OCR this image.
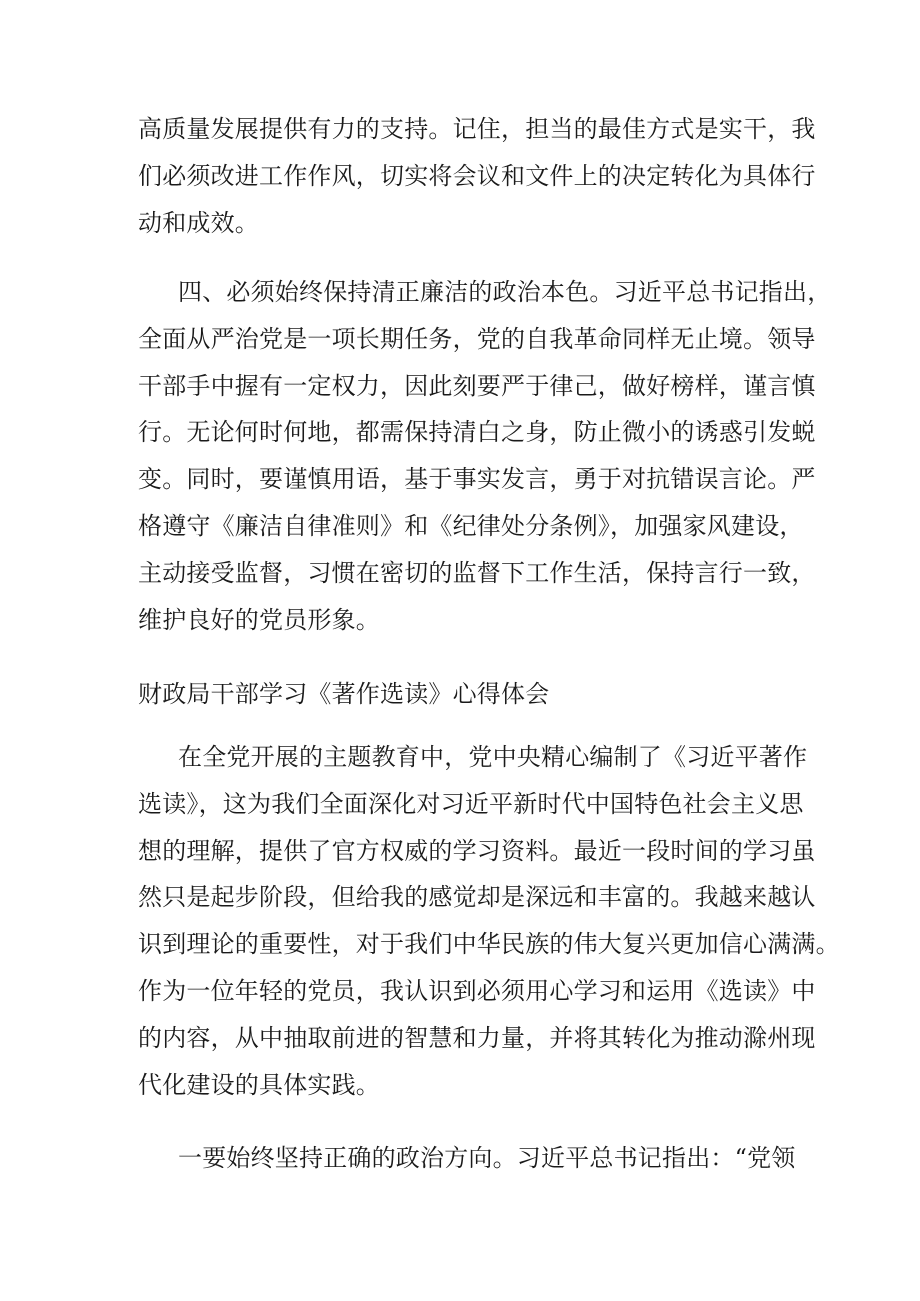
高质量发展提供有力的支持。记住，担当的最佳方式是实干，我
们必须改进工作作风，切实将会议和文件上的决定转化为具体行
动和成效。
四、必须始终保持清正廉洁的政治本色。习近平总书记指出，
全面从严治党是一项长期任务，党的自我革命同样无止境。领导
干部手中握有一定权力，因此刻要严于律己，做好榜样，谨言慎
行。无论何时何地，都需保持清白之身，防止微小的诱惑引发蜕
变。同时，要谨慎用语，基于事实发言，勇于对抗错误言论。严
格遵守《廉洁自律准则》和《纪律处分条例》，加强家风建设，
主动接受监督，习惯在密切的监督下工作生活，保持言行一致，
维护良好的党员形象。
财政局干部学习《著作选读》心得体会
在全党开展的主题教育中，党中央精心编制了《习近平著作
选读》，这为我们全面深化对习近平新时代中国特色社会主义思
想的理解，提供了官方权威的学习资料。最近一段时间的学习虽
然只是起步阶段，但给我的感觉却是深远和丰富的。我越来越认
识到理论的重要性，对于我们中华民族的伟大复兴更加信心满满。
作为一位年轻的党员，我认识到必须用心学习和运用《选读》中
的内容，从中抽取前进的智慧和力量，并将其转化为推动滁州现
代化建设的具体实践。
一要始终坚持正确的政治方向。习近平总书记指出：“党领
